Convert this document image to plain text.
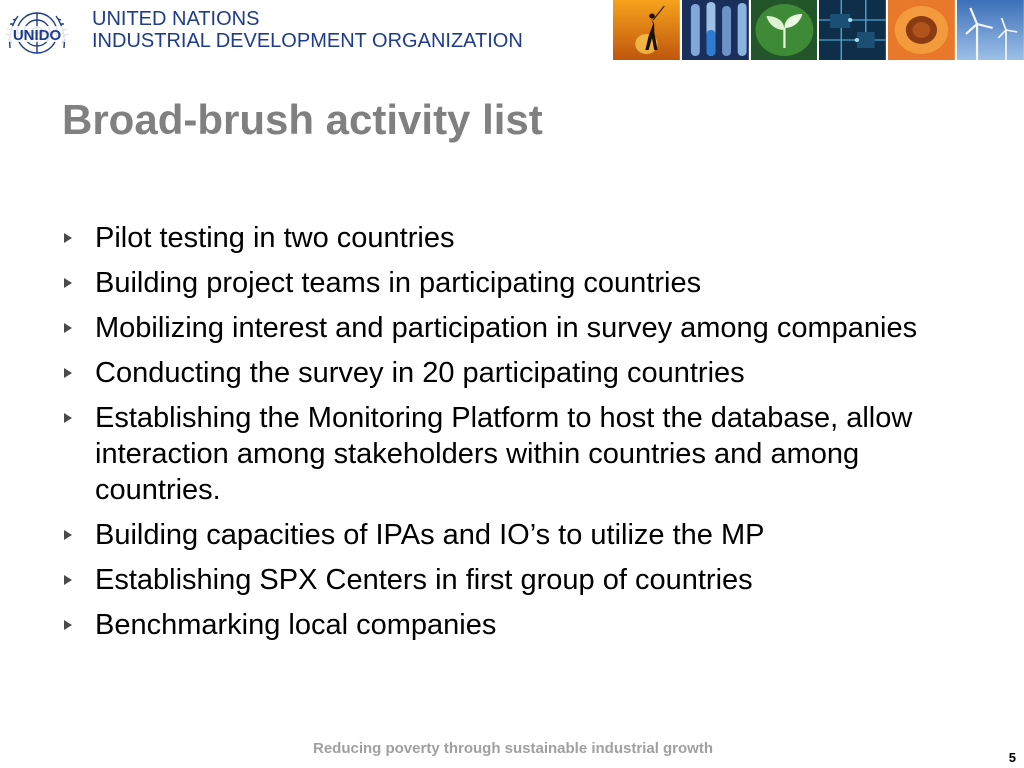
UNIDO
UNITED NATIONS
INDUSTRIAL DEVELOPMENT ORGANIZATION
Broad-brush activity list
Pilot testing in two countries
Building project teams in participating countries
Mobilizing interest and participation in survey among companies
Conducting the survey in 20 participating countries
Establishing the Monitoring Platform to host the database, allow interaction among stakeholders within countries and among countries.
Building capacities of IPAs and IO’s to utilize the MP
Establishing SPX Centers in first group of countries
Benchmarking local companies
Reducing poverty through sustainable industrial growth
5
